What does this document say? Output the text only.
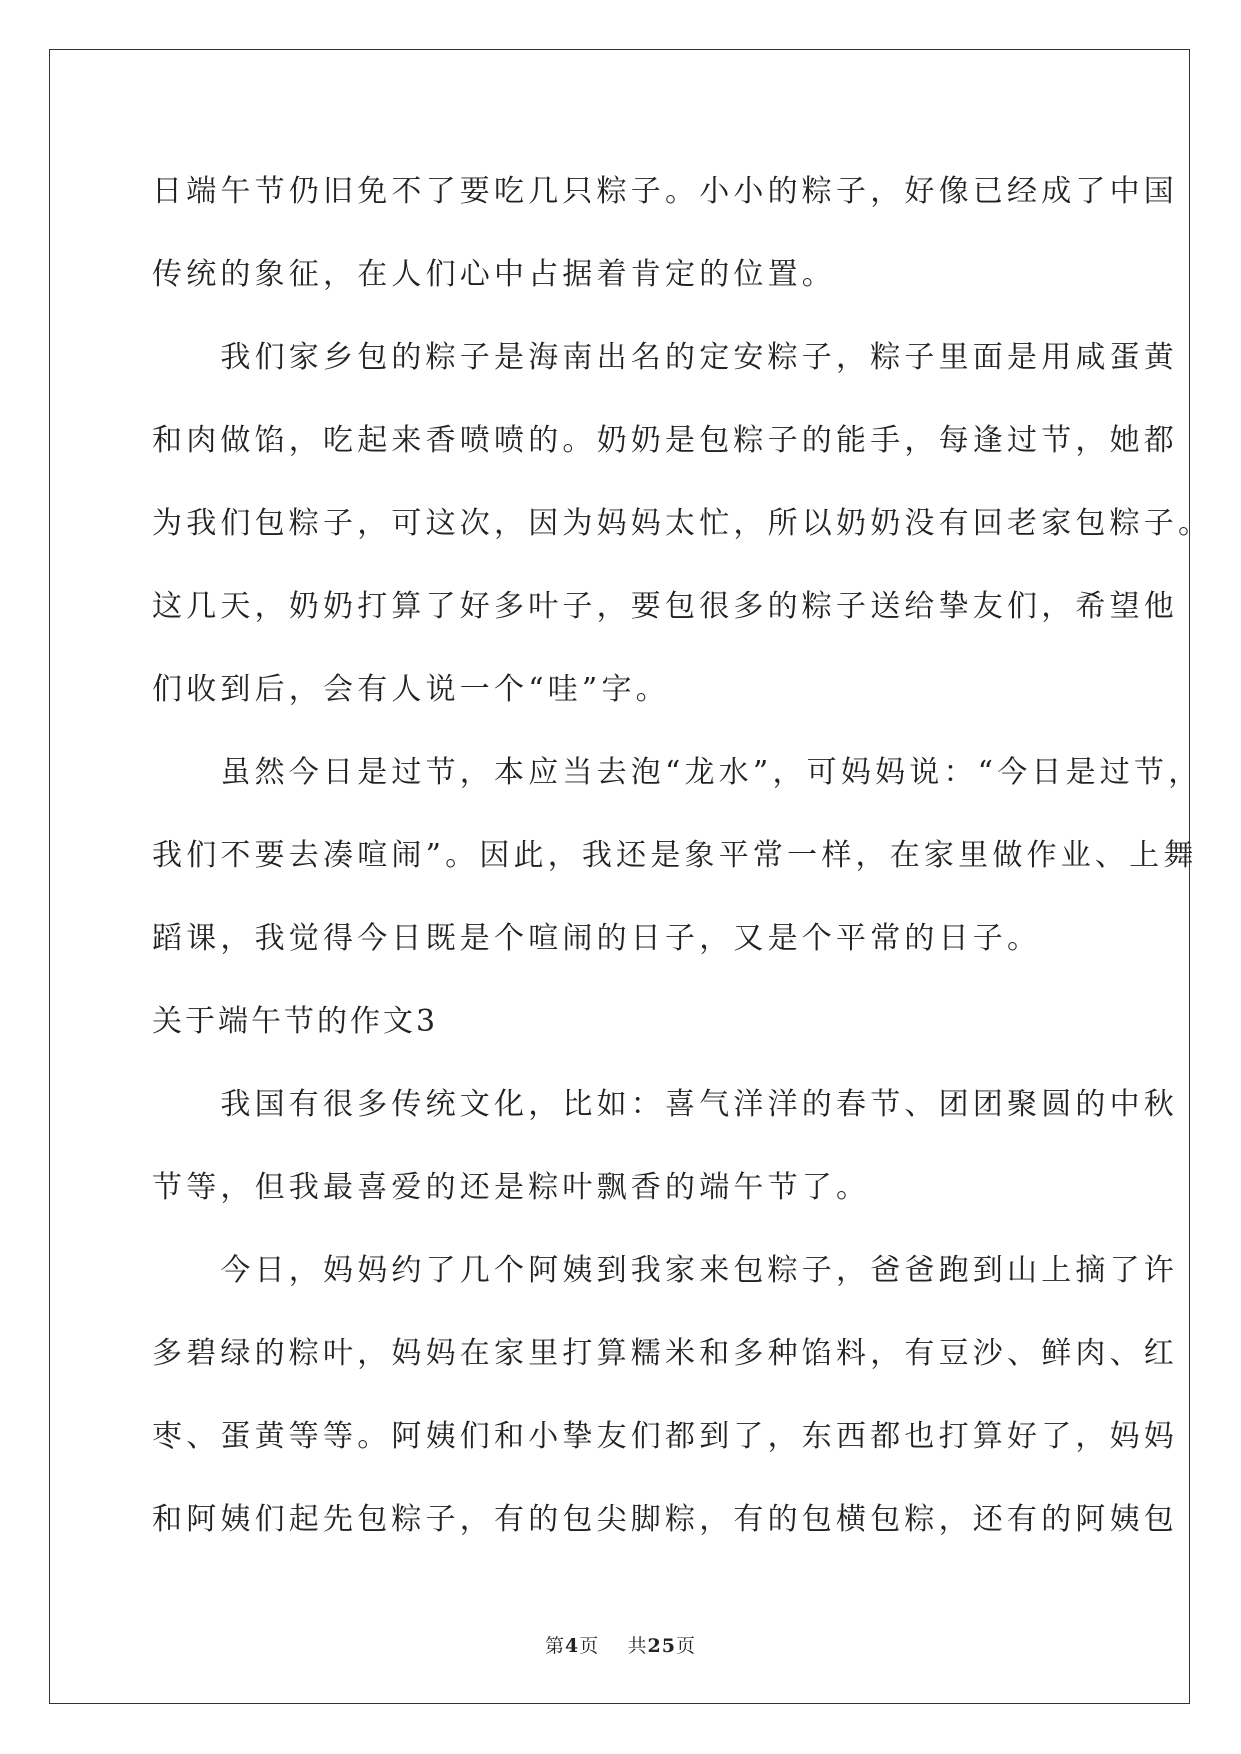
日端午节仍旧免不了要吃几只粽子。小小的粽子，好像已经成了中国
传统的象征，在人们心中占据着肯定的位置。
　　我们家乡包的粽子是海南出名的定安粽子，粽子里面是用咸蛋黄
和肉做馅，吃起来香喷喷的。奶奶是包粽子的能手，每逢过节，她都
为我们包粽子，可这次，因为妈妈太忙，所以奶奶没有回老家包粽子。
这几天，奶奶打算了好多叶子，要包很多的粽子送给挚友们，希望他
们收到后，会有人说一个“哇”字。
　　虽然今日是过节，本应当去泡“龙水”，可妈妈说：“今日是过节，
我们不要去凑喧闹”。因此，我还是象平常一样，在家里做作业、上舞
蹈课，我觉得今日既是个喧闹的日子，又是个平常的日子。
关于端午节的作文3
　　我国有很多传统文化，比如：喜气洋洋的春节、团团聚圆的中秋
节等，但我最喜爱的还是粽叶飘香的端午节了。
　　今日，妈妈约了几个阿姨到我家来包粽子，爸爸跑到山上摘了许
多碧绿的粽叶，妈妈在家里打算糯米和多种馅料，有豆沙、鲜肉、红
枣、蛋黄等等。阿姨们和小挚友们都到了，东西都也打算好了，妈妈
和阿姨们起先包粽子，有的包尖脚粽，有的包横包粽，还有的阿姨包
第4页 共25页
